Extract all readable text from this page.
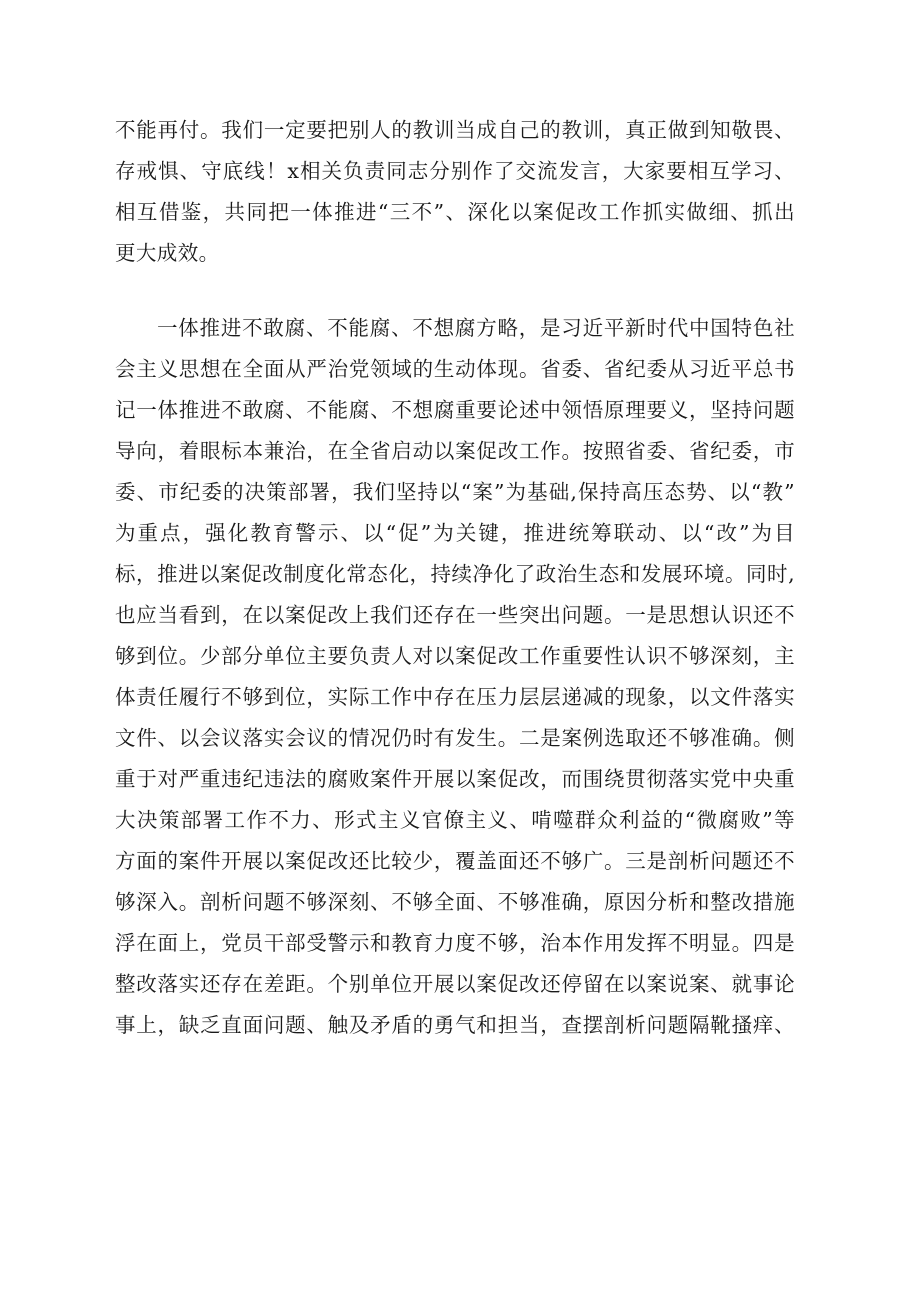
不能再付。我们一定要把别人的教训当成自己的教训，真正做到知敬畏、
存戒惧、守底线！x相关负责同志分别作了交流发言，大家要相互学习、
相互借鉴，共同把一体推进“三不”、深化以案促改工作抓实做细、抓出
更大成效。
一体推进不敢腐、不能腐、不想腐方略，是习近平新时代中国特色社
会主义思想在全面从严治党领域的生动体现。省委、省纪委从习近平总书
记一体推进不敢腐、不能腐、不想腐重要论述中领悟原理要义，坚持问题
导向，着眼标本兼治，在全省启动以案促改工作。按照省委、省纪委，市
委、市纪委的决策部署，我们坚持以“案”为基础,保持高压态势、以“教”
为重点，强化教育警示、以“促”为关键，推进统筹联动、以“改”为目
标，推进以案促改制度化常态化，持续净化了政治生态和发展环境。同时,
也应当看到，在以案促改上我们还存在一些突出问题。一是思想认识还不
够到位。少部分单位主要负责人对以案促改工作重要性认识不够深刻，主
体责任履行不够到位，实际工作中存在压力层层递减的现象，以文件落实
文件、以会议落实会议的情况仍时有发生。二是案例选取还不够准确。侧
重于对严重违纪违法的腐败案件开展以案促改，而围绕贯彻落实党中央重
大决策部署工作不力、形式主义官僚主义、啃噬群众利益的“微腐败”等
方面的案件开展以案促改还比较少，覆盖面还不够广。三是剖析问题还不
够深入。剖析问题不够深刻、不够全面、不够准确，原因分析和整改措施
浮在面上，党员干部受警示和教育力度不够，治本作用发挥不明显。四是
整改落实还存在差距。个别单位开展以案促改还停留在以案说案、就事论
事上，缺乏直面问题、触及矛盾的勇气和担当，查摆剖析问题隔靴搔痒、
